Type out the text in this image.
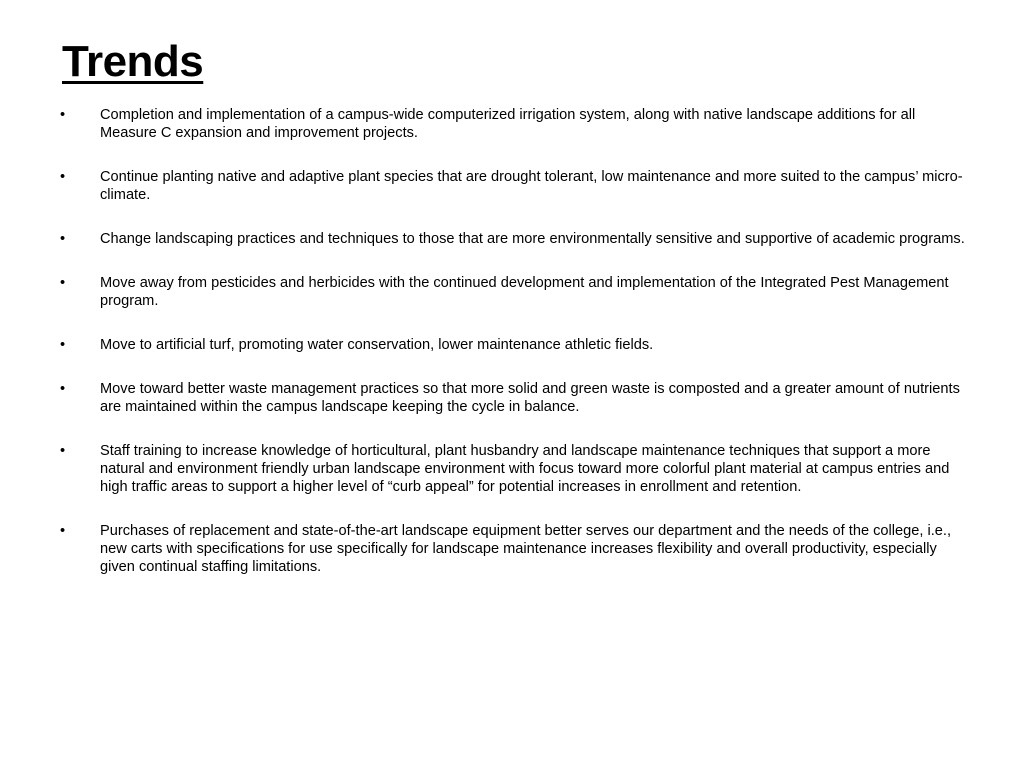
Trends
•	Completion and implementation of a campus-wide computerized irrigation system, along with native landscape additions for all Measure C expansion and improvement projects.
•	Continue planting native and adaptive plant species that are drought tolerant, low maintenance and more suited to the campus’ micro-climate.
•	Change landscaping practices and techniques to those that are more environmentally sensitive and supportive of academic programs.
•	Move away from pesticides and herbicides with the continued development and implementation of the Integrated Pest Management program.
•	Move to artificial turf, promoting water conservation, lower maintenance athletic fields.
•	Move toward better waste management practices so that more solid and green waste is composted and a greater amount of nutrients are maintained within the campus landscape keeping the cycle in balance.
•	Staff training to increase knowledge of horticultural, plant husbandry and landscape maintenance techniques that support a more natural and environment friendly urban landscape environment with focus toward more colorful plant material at campus entries and high traffic areas to support a higher level of “curb appeal” for potential increases in enrollment and retention.
•	Purchases of replacement and state-of-the-art landscape equipment better serves our department and the needs of the college, i.e., new carts with specifications for use specifically for landscape maintenance increases flexibility and overall productivity, especially given continual staffing limitations.
